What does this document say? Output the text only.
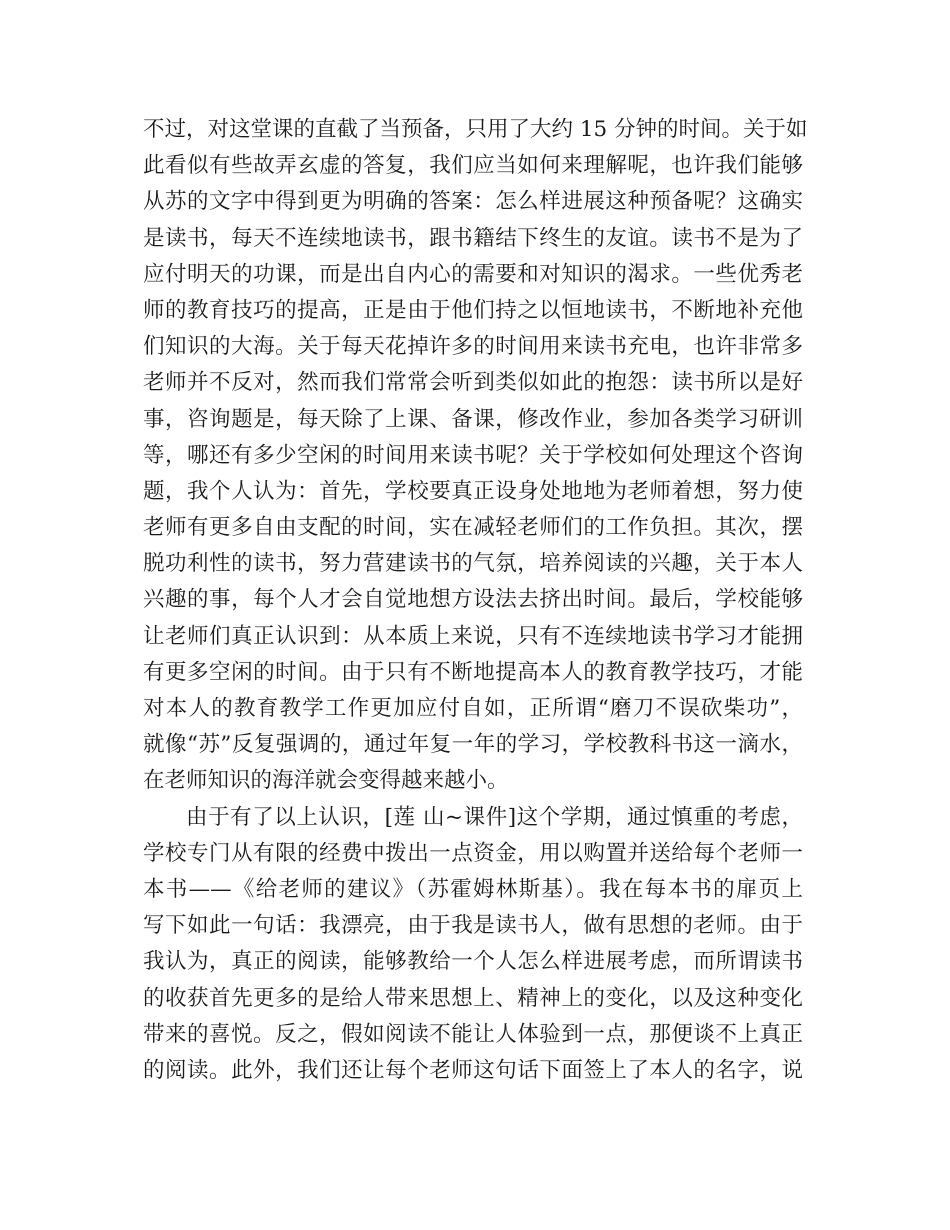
不过，对这堂课的直截了当预备，只用了大约 15 分钟的时间。关于如
此看似有些故弄玄虚的答复，我们应当如何来理解呢，也许我们能够
从苏的文字中得到更为明确的答案：怎么样进展这种预备呢？这确实
是读书，每天不连续地读书，跟书籍结下终生的友谊。读书不是为了
应付明天的功课，而是出自内心的需要和对知识的渴求。一些优秀老
师的教育技巧的提高，正是由于他们持之以恒地读书，不断地补充他
们知识的大海。关于每天花掉许多的时间用来读书充电，也许非常多
老师并不反对，然而我们常常会听到类似如此的抱怨：读书所以是好
事，咨询题是，每天除了上课、备课，修改作业，参加各类学习研训
等，哪还有多少空闲的时间用来读书呢？关于学校如何处理这个咨询
题，我个人认为：首先，学校要真正设身处地地为老师着想，努力使
老师有更多自由支配的时间，实在减轻老师们的工作负担。其次，摆
脱功利性的读书，努力营建读书的气氛，培养阅读的兴趣，关于本人
兴趣的事，每个人才会自觉地想方设法去挤出时间。最后，学校能够
让老师们真正认识到：从本质上来说，只有不连续地读书学习才能拥
有更多空闲的时间。由于只有不断地提高本人的教育教学技巧，才能
对本人的教育教学工作更加应付自如，正所谓“磨刀不误砍柴功”，
就像“苏”反复强调的，通过年复一年的学习，学校教科书这一滴水，
在老师知识的海洋就会变得越来越小。
由于有了以上认识，[莲 山~课件]这个学期，通过慎重的考虑，
学校专门从有限的经费中拨出一点资金，用以购置并送给每个老师一
本书——《给老师的建议》（苏霍姆林斯基）。我在每本书的扉页上
写下如此一句话：我漂亮，由于我是读书人，做有思想的老师。由于
我认为，真正的阅读，能够教给一个人怎么样进展考虑，而所谓读书
的收获首先更多的是给人带来思想上、精神上的变化，以及这种变化
带来的喜悦。反之，假如阅读不能让人体验到一点，那便谈不上真正
的阅读。此外，我们还让每个老师这句话下面签上了本人的名字，说
